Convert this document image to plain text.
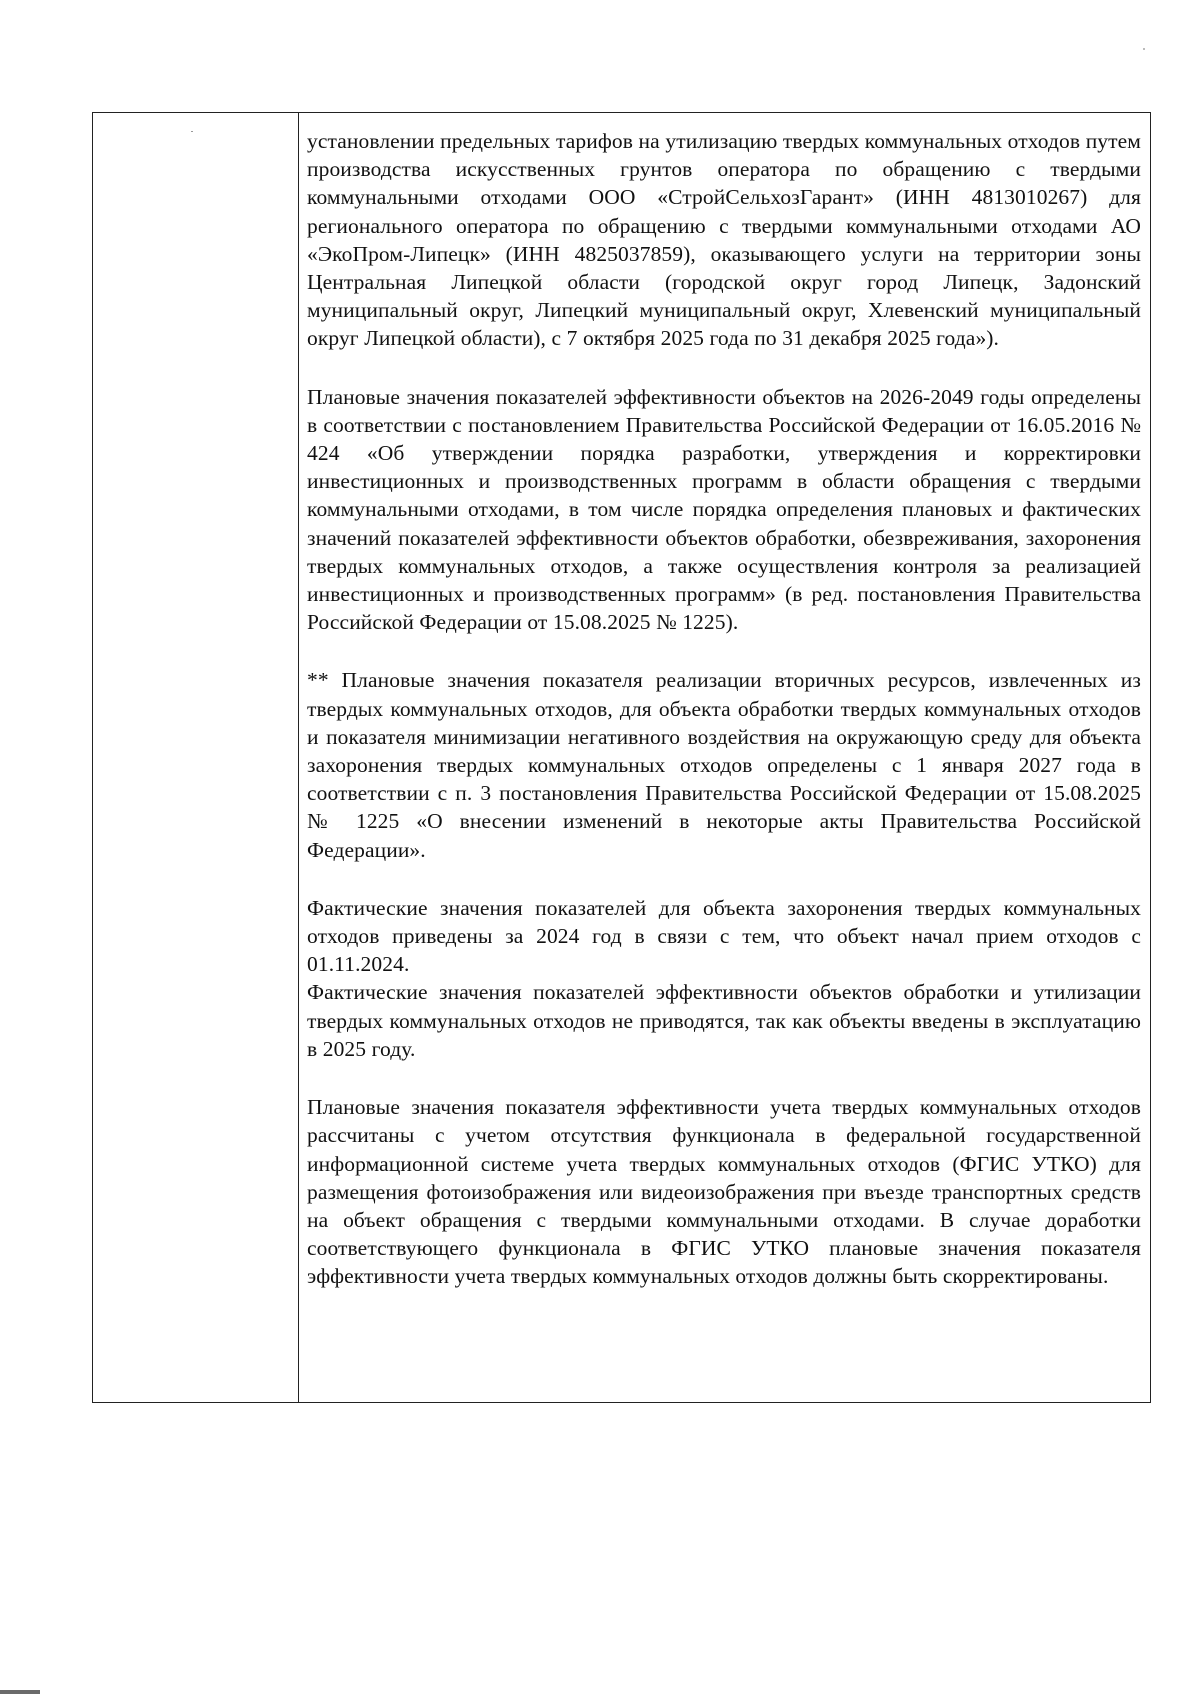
установлении предельных тарифов на утилизацию твердых коммунальных отходов путем производства искусственных грунтов оператора по обращению с твердыми коммунальными отходами ООО «СтройСельхозГарант» (ИНН 4813010267) для регионального оператора по обращению с твердыми коммунальными отходами АО «ЭкоПром-Липецк» (ИНН 4825037859), оказывающего услуги на территории зоны Центральная Липецкой области (городской округ город Липецк, Задонский муниципальный округ, Липецкий муниципальный округ, Хлевенский муниципальный округ Липецкой области), с 7 октября 2025 года по 31 декабря 2025 года»).

Плановые значения показателей эффективности объектов на 2026-2049 годы определены в соответствии с постановлением Правительства Российской Федерации от 16.05.2016 № 424 «Об утверждении порядка разработки, утверждения и корректировки инвестиционных и производственных программ в области обращения с твердыми коммунальными отходами, в том числе порядка определения плановых и фактических значений показателей эффективности объектов обработки, обезвреживания, захоронения твердых коммунальных отходов, а также осуществления контроля за реализацией инвестиционных и производственных программ» (в ред. постановления Правительства Российской Федерации от 15.08.2025 № 1225).

** Плановые значения показателя реализации вторичных ресурсов, извлеченных из твердых коммунальных отходов, для объекта обработки твердых коммунальных отходов и показателя минимизации негативного воздействия на окружающую среду для объекта захоронения твердых коммунальных отходов определены с 1 января 2027 года в соответствии с п. 3 постановления Правительства Российской Федерации от 15.08.2025 № 1225 «О внесении изменений в некоторые акты Правительства Российской Федерации».

Фактические значения показателей для объекта захоронения твердых коммунальных отходов приведены за 2024 год в связи с тем, что объект начал прием отходов с 01.11.2024.

Фактические значения показателей эффективности объектов обработки и утилизации твердых коммунальных отходов не приводятся, так как объекты введены в эксплуатацию в 2025 году.

Плановые значения показателя эффективности учета твердых коммунальных отходов рассчитаны с учетом отсутствия функционала в федеральной государственной информационной системе учета твердых коммунальных отходов (ФГИС УТКО) для размещения фотоизображения или видеоизображения при въезде транспортных средств на объект обращения с твердыми коммунальными отходами. В случае доработки соответствующего функционала в ФГИС УТКО плановые значения показателя эффективности учета твердых коммунальных отходов должны быть скорректированы.
